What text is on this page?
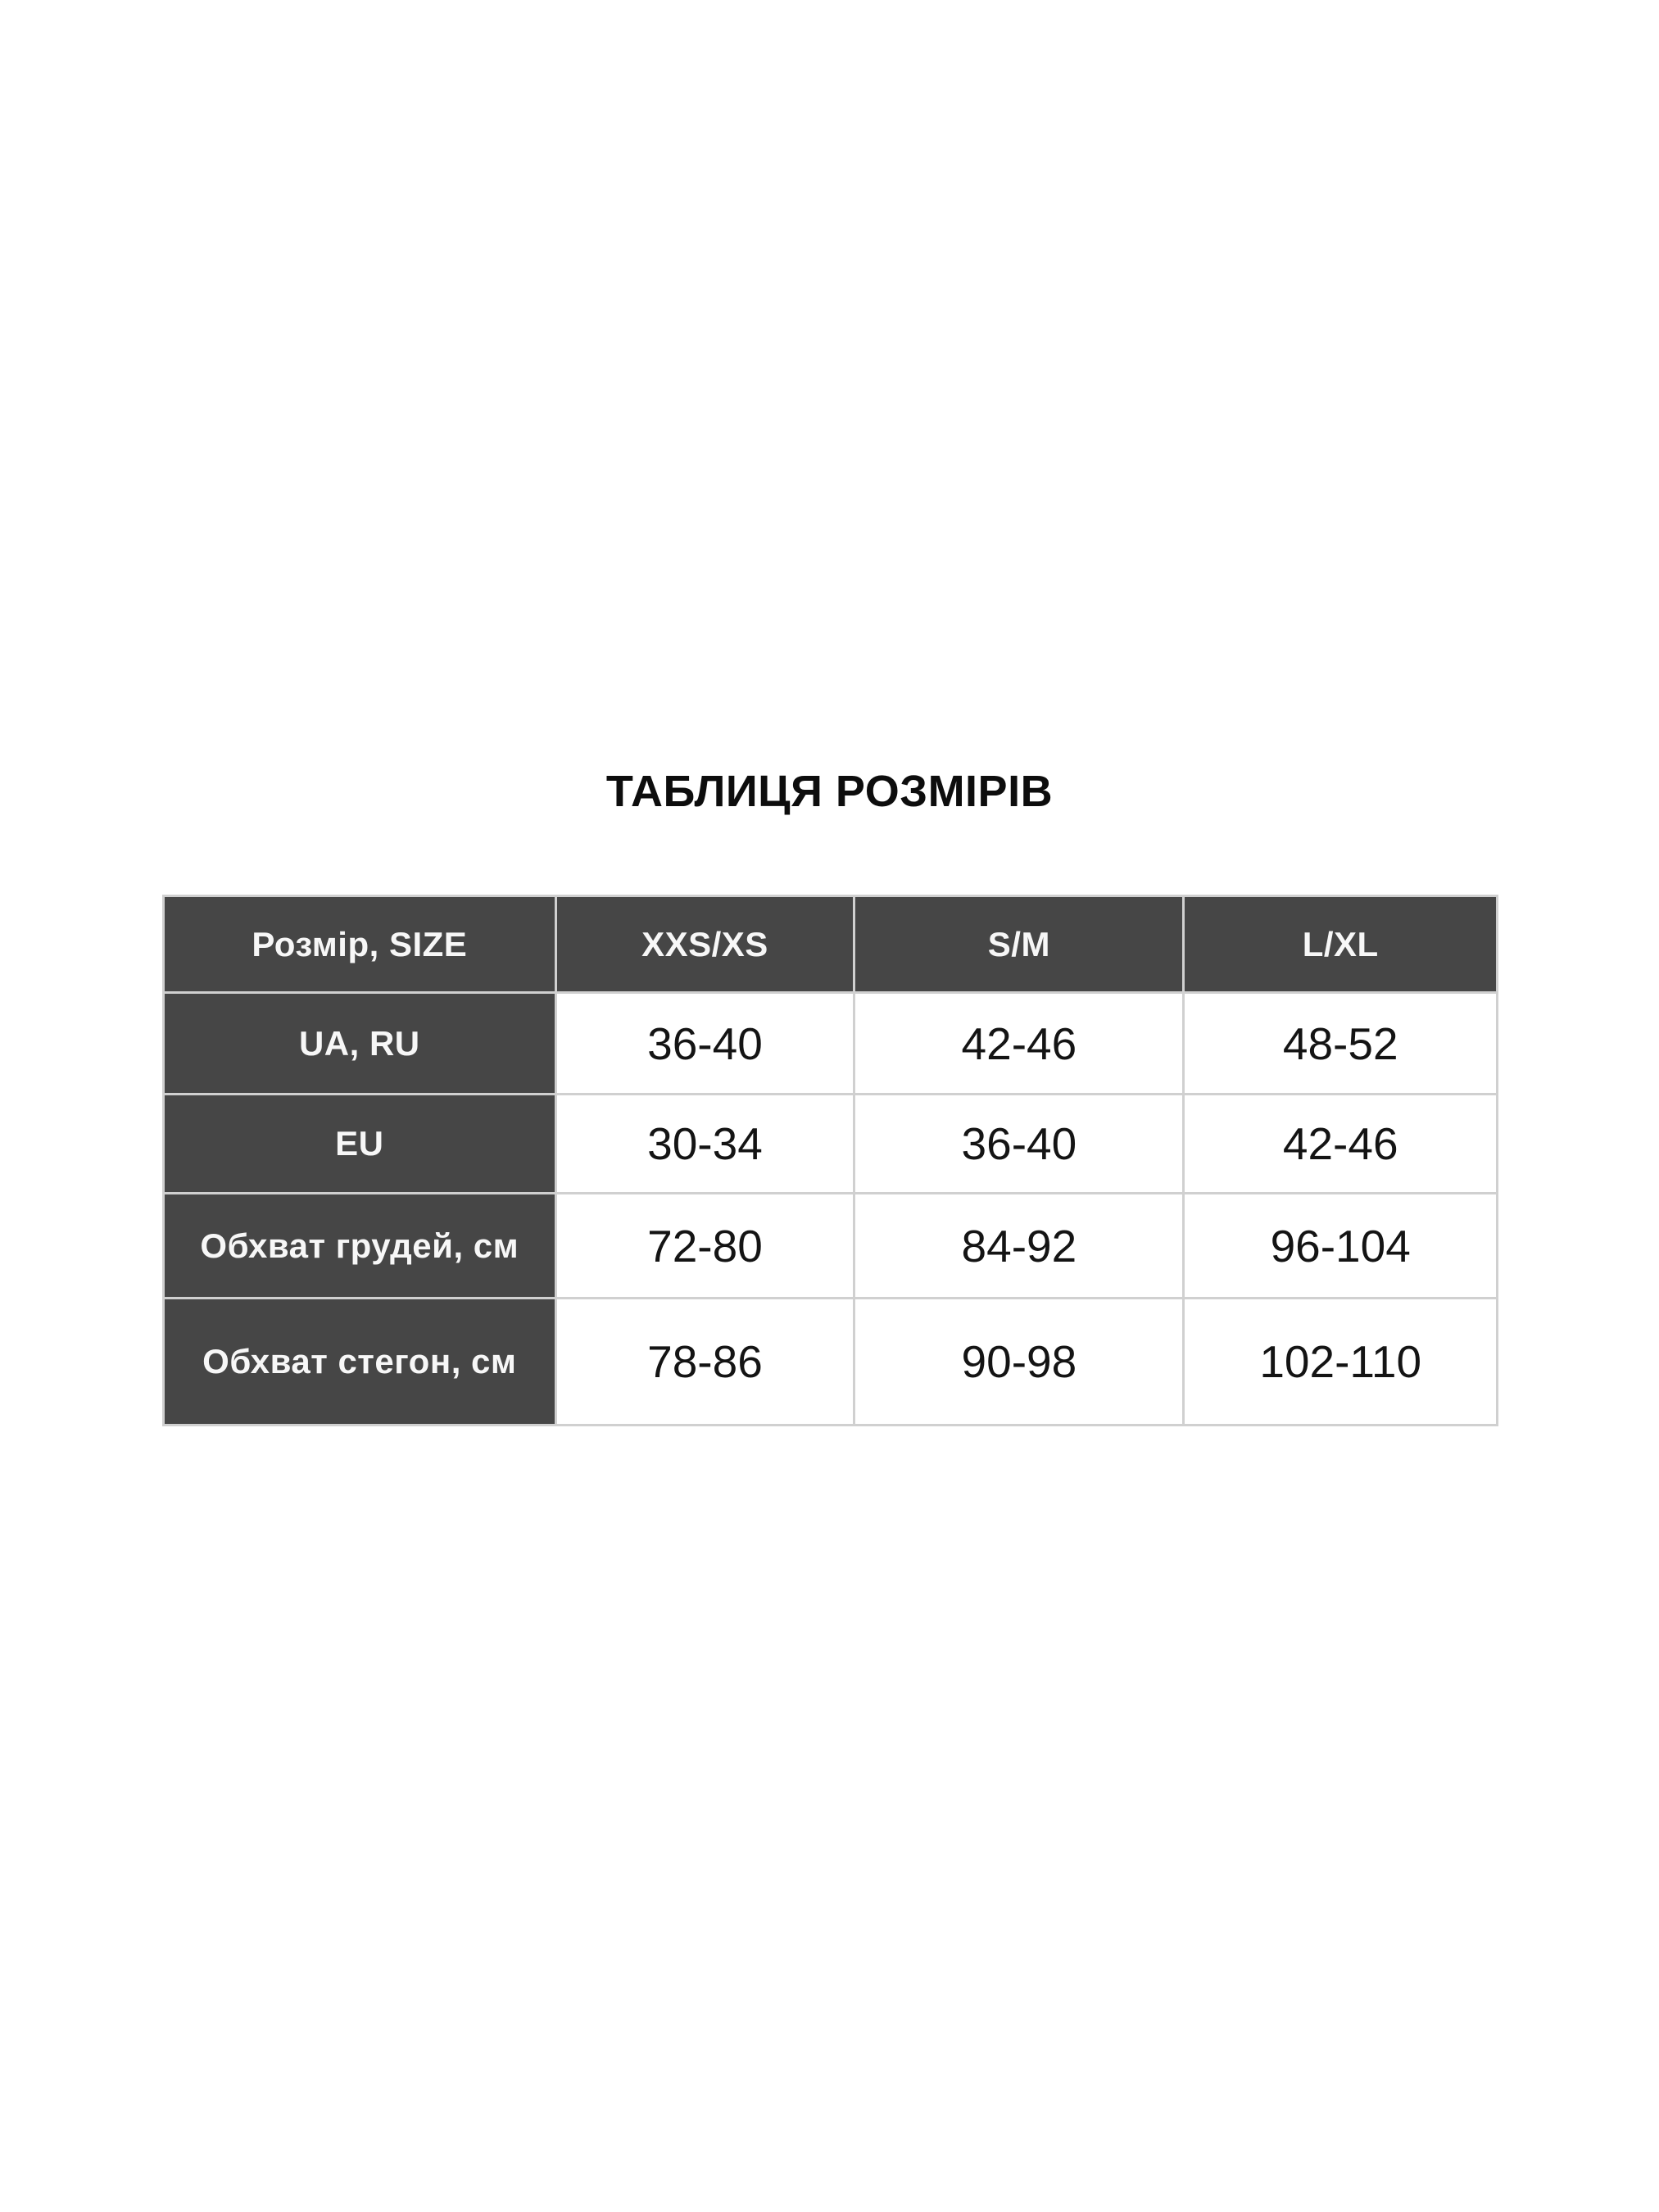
ТАБЛИЦЯ РОЗМІРІВ
Розмір, SIZE	XXS/XS	S/M	L/XL
UA, RU	36-40	42-46	48-52
EU	30-34	36-40	42-46
Обхват грудей, см	72-80	84-92	96-104
Обхват стегон, см	78-86	90-98	102-110
